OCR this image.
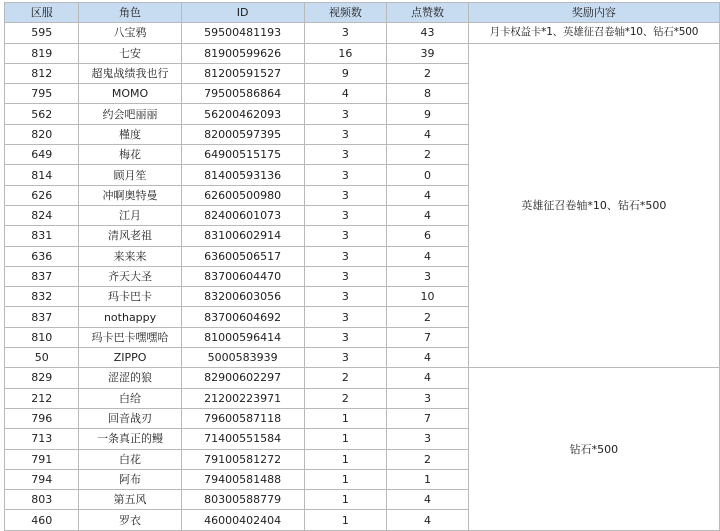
区服	角色	ID	视频数	点赞数	奖励内容
595	八宝鸦	59500481193	3	43	月卡权益卡*1、英雄征召卷轴*10、钻石*500
819	七安	81900599626	16	39	英雄征召卷轴*10、钻石*500
812	超鬼战绩我也行	81200591527	9	2	
795	MOMO	79500586864	4	8	
562	约会吧丽丽	56200462093	3	9	
820	槿度	82000597395	3	4	
649	梅花	64900515175	3	2	
814	顾月笙	81400593136	3	0	
626	冲啊奥特曼	62600500980	3	4	
824	江月	82400601073	3	4	
831	清风老祖	83100602914	3	6	
636	来来来	63600506517	3	4	
837	齐天大圣	83700604470	3	3	
832	玛卡巴卡	83200603056	3	10	
837	nothappy	83700604692	3	2	
810	玛卡巴卡嘿嘿哈	81000596414	3	7	
50	ZIPPO	5000583939	3	4	
829	涩涩的狼	82900602297	2	4	钻石*500
212	白给	21200223971	2	3	
796	回音战刃	79600587118	1	7	
713	一条真正的鳗	71400551584	1	3	
791	白花	79100581272	1	2	
794	阿布	79400581488	1	1	
803	第五风	80300588779	1	4	
460	罗衣	46000402404	1	4	
